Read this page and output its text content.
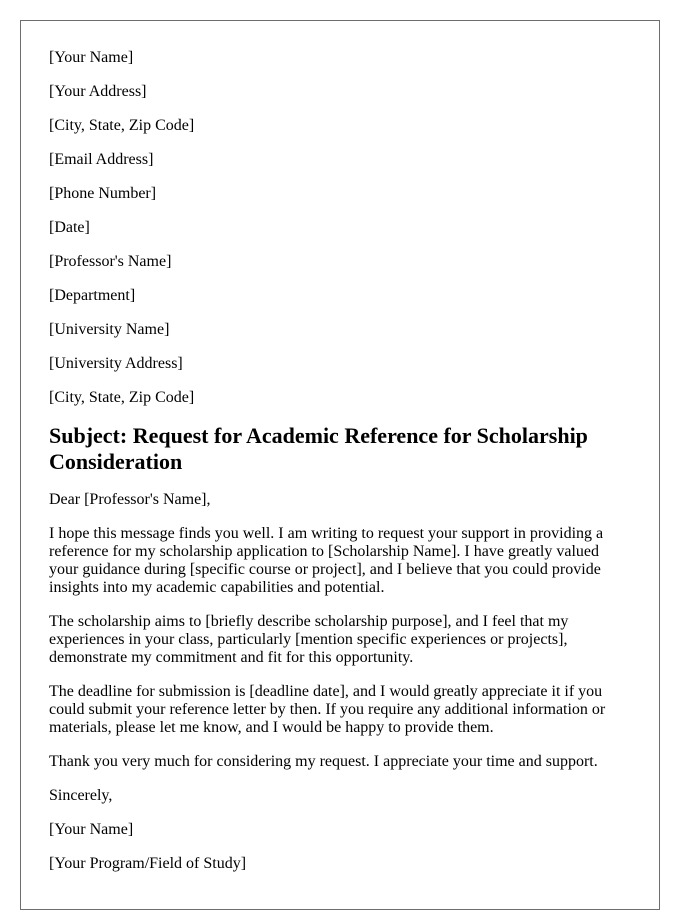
[Your Name]
[Your Address]
[City, State, Zip Code]
[Email Address]
[Phone Number]
[Date]
[Professor's Name]
[Department]
[University Name]
[University Address]
[City, State, Zip Code]
Subject: Request for Academic Reference for Scholarship Consideration

Dear [Professor's Name],

I hope this message finds you well. I am writing to request your support in providing a reference for my scholarship application to [Scholarship Name]. I have greatly valued your guidance during [specific course or project], and I believe that you could provide insights into my academic capabilities and potential.

The scholarship aims to [briefly describe scholarship purpose], and I feel that my experiences in your class, particularly [mention specific experiences or projects], demonstrate my commitment and fit for this opportunity.

The deadline for submission is [deadline date], and I would greatly appreciate it if you could submit your reference letter by then. If you require any additional information or materials, please let me know, and I would be happy to provide them.

Thank you very much for considering my request. I appreciate your time and support.

Sincerely,

[Your Name]

[Your Program/Field of Study]
